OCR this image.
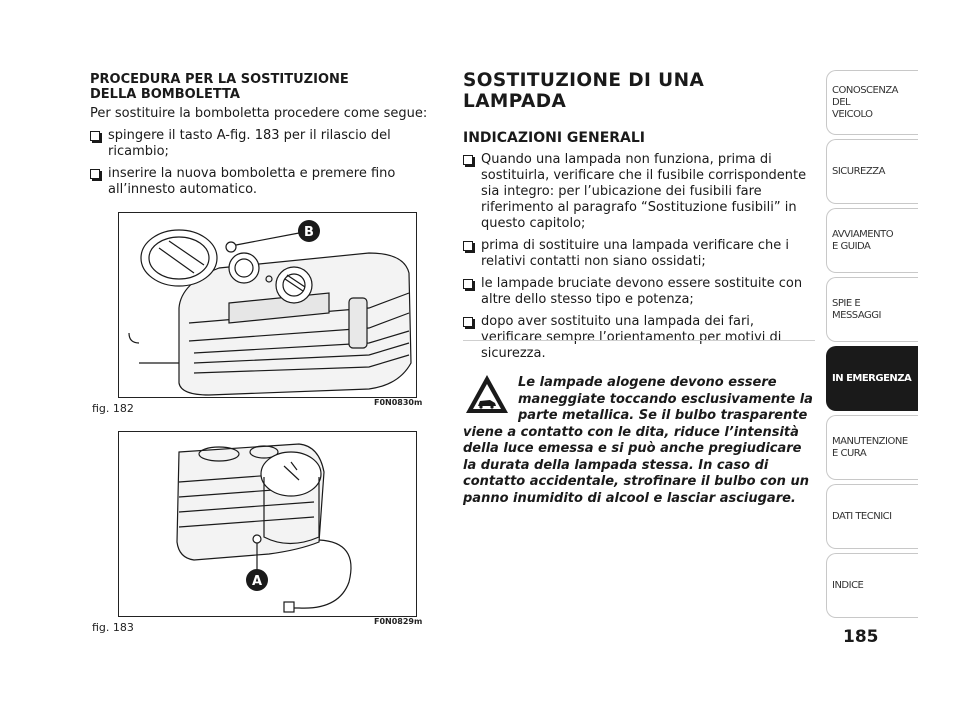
PROCEDURA PER LA SOSTITUZIONE
DELLA BOMBOLETTA

Per sostituire la bomboletta procedere come segue:

spingere il tasto A-fig. 183 per il rilascio del ricambio;
inserire la nuova bomboletta e premere fino all’innesto automatico.
B
fig. 182	F0N0830m
A
fig. 183	F0N0829m
SOSTITUZIONE DI UNA LAMPADA
INDICAZIONI GENERALI
Quando una lampada non funziona, prima di sostituirla, verificare che il fusibile corrispondente sia integro: per l’ubicazione dei fusibili fare riferimento al paragrafo “Sostituzione fusibili” in questo capitolo;
prima di sostituire una lampada verificare che i relativi contatti non siano ossidati;
le lampade bruciate devono essere sostituite con altre dello stesso tipo e potenza;
dopo aver sostituito una lampada dei fari, verificare sempre l’orientamento per motivi di sicurezza.
Le lampade alogene devono essere maneggiate toccando esclusivamente la parte metallica. Se il bulbo trasparente viene a contatto con le dita, riduce l’intensità della luce emessa e si può anche pregiudicare la durata della lampada stessa. In caso di contatto accidentale, strofinare il bulbo con un panno inumidito di alcool e lasciar asciugare.
CONOSCENZA
DEL
VEICOLO
SICUREZZA
AVVIAMENTO
E GUIDA
SPIE E
MESSAGGI
IN EMERGENZA
MANUTENZIONE
E CURA
DATI TECNICI
INDICE
185
